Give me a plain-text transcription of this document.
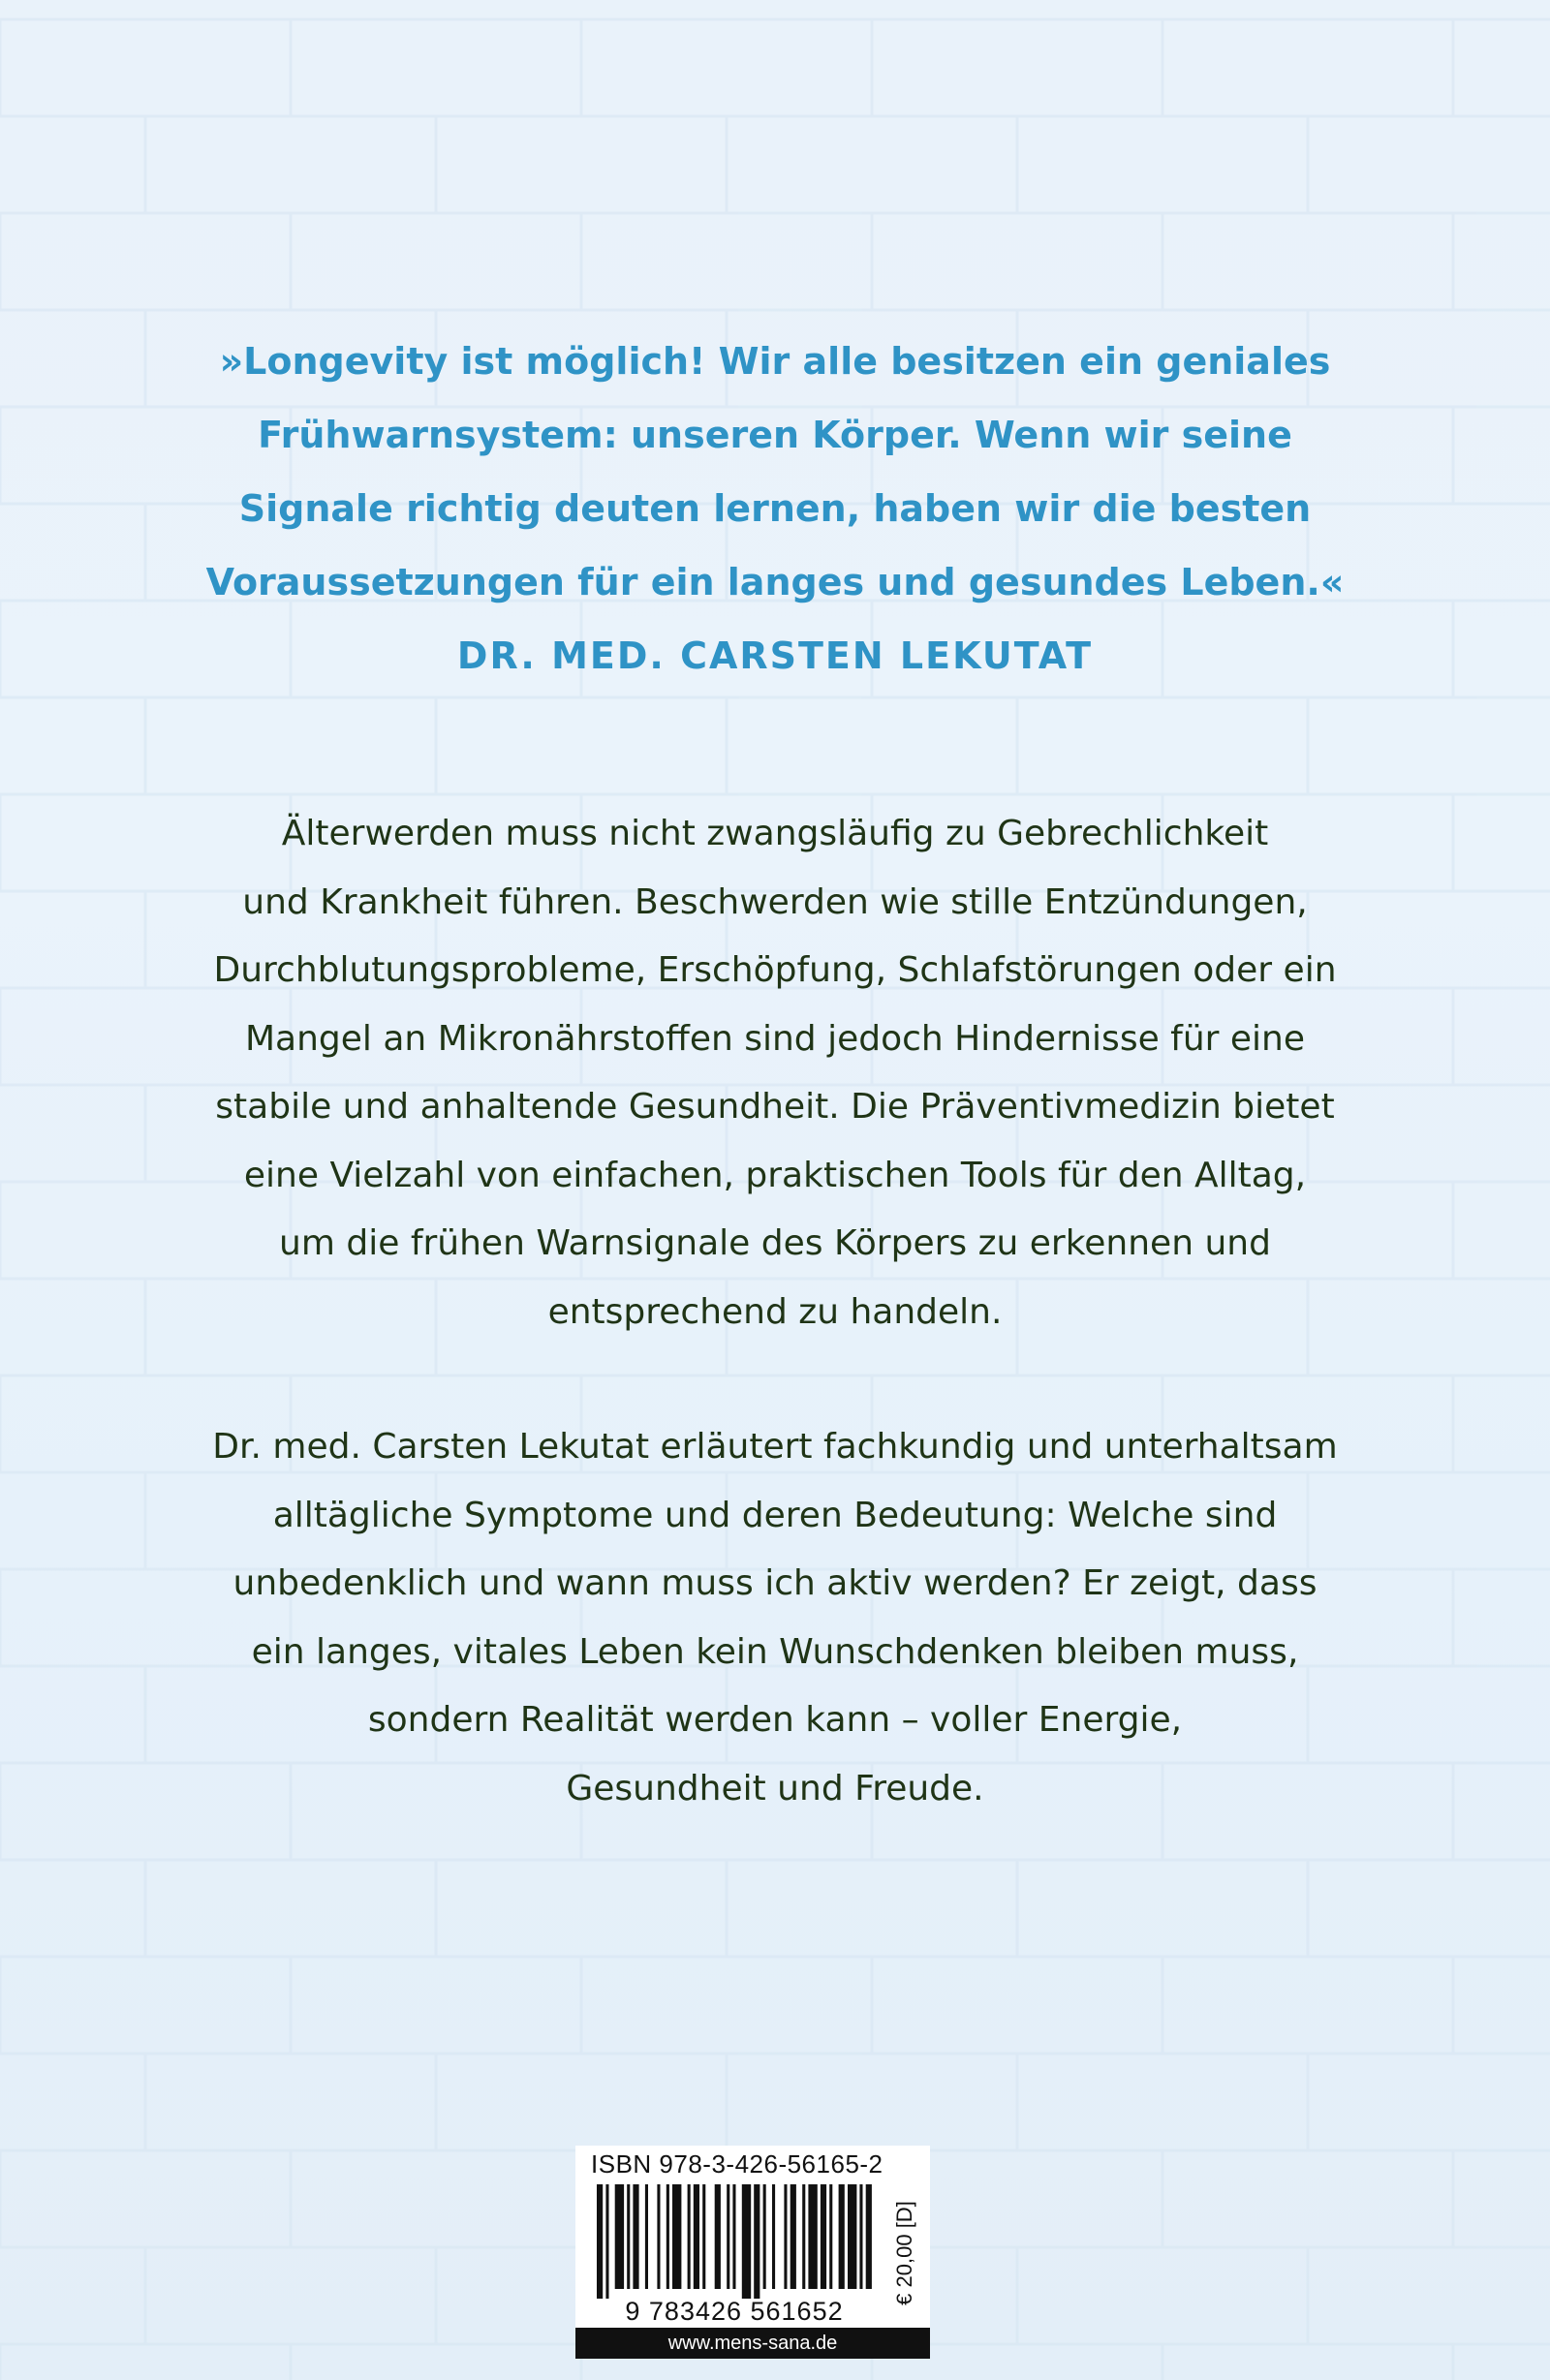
»Longevity ist möglich! Wir alle besitzen ein geniales
Frühwarnsystem: unseren Körper. Wenn wir seine
Signale richtig deuten lernen, haben wir die besten
Voraussetzungen für ein langes und gesundes Leben.«
DR. MED. CARSTEN LEKUTAT
Älterwerden muss nicht zwangsläufig zu Gebrechlichkeit
und Krankheit führen. Beschwerden wie stille Entzündungen,
Durchblutungsprobleme, Erschöpfung, Schlafstörungen oder ein
Mangel an Mikronährstoffen sind jedoch Hindernisse für eine
stabile und anhaltende Gesundheit. Die Präventivmedizin bietet
eine Vielzahl von einfachen, praktischen Tools für den Alltag,
um die frühen Warnsignale des Körpers zu erkennen und
entsprechend zu handeln.
Dr. med. Carsten Lekutat erläutert fachkundig und unterhaltsam
alltägliche Symptome und deren Bedeutung: Welche sind
unbedenklich und wann muss ich aktiv werden? Er zeigt, dass
ein langes, vitales Leben kein Wunschdenken bleiben muss,
sondern Realität werden kann – voller Energie,
Gesundheit und Freude.
ISBN 978-3-426-56165-2
9 783426 561652
€ 20,00 [D]
www.mens-sana.de
